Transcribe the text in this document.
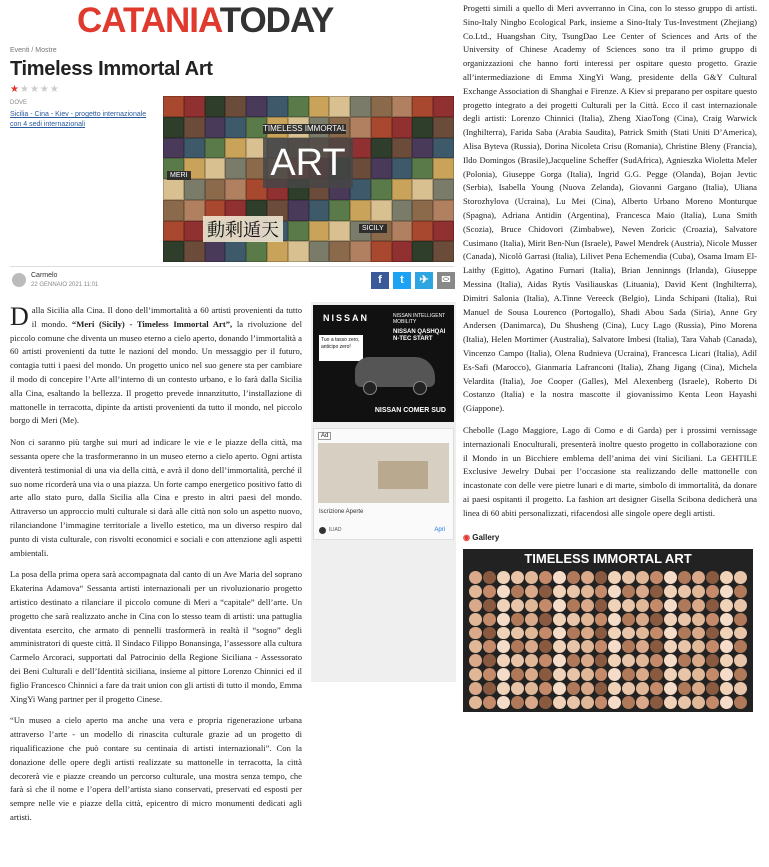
CATANIATODAY
Eventi / Mostre
Timeless Immortal Art
★★★★★
DOVE
Sicilia - Cina - Kiev - progetto internazionale con 4 sedi internazionali	TIMELESS IMMORTAL
ART
MERI
SICILY
動剩遁天
Carmelo
22 GENNAIO 2021 11:01	f	t	✈	✉

Dalla Sicilia alla Cina. Il dono dell’immortalità a 60 artisti provenienti da tutto il mondo. “Meri (Sicily) - Timeless Immortal Art”, la rivoluzione del piccolo comune che diventa un museo eterno a cielo aperto, donando l’immortalità a 60 artisti provenienti da tutte le nazioni del mondo. Un messaggio per il futuro, contagia tutti i paesi del mondo. Un progetto unico nel suo genere sta per cambiare il modo di concepire l’Arte all’interno di un contesto urbano, e lo farà dalla Sicilia alla Cina, esaltando la bellezza. Il progetto prevede innanzitutto, l’installazione di mattonelle in terracotta, dipinte da artisti provenienti da tutto il mondo, nel piccolo borgo di Meri (Me).

Non ci saranno più targhe sui muri ad indicare le vie e le piazze della città, ma sessanta opere che la trasformeranno in un museo eterno a cielo aperto. Ogni artista diventerà testimonial di una via della città, e avrà il dono dell’immortalità, perché il suo nome ricorderà una via o una piazza. Un forte campo energetico positivo fatto di arte allo stato puro, dalla Sicilia alla Cina e presto in altri paesi del mondo. Attraverso un approccio multi culturale si darà alle città non solo un aspetto nuovo, rilanciandone l’immagine territoriale a livello estetico, ma un diverso respiro dal punto di vista culturale, con risvolti economici e sociali e con attenzione agli aspetti ambientali.

La posa della prima opera sarà accompagnata dal canto di un Ave Maria del soprano Ekaterina Adamova“ Sessanta artisti internazionali per un rivoluzionario progetto artistico destinato a rilanciare il piccolo comune di Meri a “capitale” dell’arte. Un progetto che sarà realizzato anche in Cina con lo stesso team di artisti: una pattuglia diventata esercito, che armato di pennelli trasformerà in realtà il “sogno” degli amministratori di queste città. Il Sindaco Filippo Bonansinga, l’assessore alla cultura Carmelo Arcoraci, supportati dal Patrocinio della Regione Siciliana - Assessorato dei Beni Culturali e dell’Identità siciliana, insieme al pittore Lorenzo Chinnici ed il figlio Francesco Chinnici a fare da trait union con gli artisti di tutto il mondo, Emma XingYi Wang partner per il progetto Cinese.

“Un museo a cielo aperto ma anche una vera e propria rigenerazione urbana attraverso l’arte - un modello di rinascita culturale grazie ad un progetto di riqualificazione che può contare su centinaia di artisti internazionali”. Con la donazione delle opere degli artisti realizzate su mattonelle in terracotta, la città decorerà vie e piazze creando un percorso culturale, una mostra senza tempo, che farà sì che il nome e l’opera dell’artista siano conservati, preservati ed esposti per sempre nelle vie e piazze della città, epicentro di micro monumenti dedicati agli artisti.

NISSAN	NISSAN INTELLIGENT MOBILITY
NISSAN QASHQAI N-TEC START
Tuo a tasso zero, anticipo zero!
NISSAN COMER SUD
Ad
Iscrizione Aperte
ILIAD	Apri

Progetti simili a quello di Meri avverranno in Cina, con lo stesso gruppo di artisti. Sino-Italy Ningbo Ecological Park, insieme a Sino-Italy Tus-Investment (Zhejiang) Co.Ltd., Huangshan City, TsungDao Lee Center of Sciences and Arts of the University of Chinese Academy of Sciences sono tra il primo gruppo di organizzazioni che hanno forti interessi per ospitare questo progetto. Grazie all’intermediazione di Emma XingYi Wang, presidente della G&Y Cultural Exchange Association di Shanghai e Firenze. A Kiev si preparano per ospitare questo progetto integrato a dei progetti Culturali per la Città. Ecco il cast internazionale degli artisti: Lorenzo Chinnici (Italia), Zheng XiaoTong (Cina), Craig Warwick (Inghilterra), Farida Saba (Arabia Saudita), Patrick Smith (Stati Uniti D’America), Alisa Byteva (Russia), Dorina Nicoleta Crisu (Romania), Christine Bleny (Francia), Ildo Domingos (Brasile),Jacqueline Scheffer (SudAfrica), Agnieszka Wioletta Meler (Polonia), Giuseppe Gorga (Italia), Ingrid G.G. Pegge (Olanda), Bojan Jevtic (Serbia), Isabella Young (Nuova Zelanda), Giovanni Gargano (Italia), Uliana Storozhylova (Ucraina), Lu Mei (Cina), Alberto Urbano Moreno Monturque (Spagna), Adriana Antidin (Argentina), Francesca Maio (Italia), Luna Smith (Scozia), Bruce Chidovori (Zimbabwe), Neven Zoricic (Croazia), Salvatore Cusimano (Italia), Mirit Ben-Nun (Israele), Pawel Mendrek (Austria), Nicole Musser (Canada), Nicolò Garrasi (Italia), Lilivet Pena Echemendia (Cuba), Osama Imam El-Laithy (Egitto), Agatino Furnari (Italia), Brian Jenninngs (Irlanda), Giuseppe Messina (Italia), Aidas Rytis Vasiliauskas (Lituania), David Kent (Inghilterra), Dimitri Salonia (Italia), A.Tinne Vereeck (Belgio), Linda Schipani (Italia), Rui Manuel de Sousa Lourenco (Portogallo), Shadi Abou Sada (Siria), Anne Gry Andersen (Danimarca), Du Shusheng (Cina), Lucy Lago (Russia), Pino Morena (Italia), Helen Mortimer (Australia), Salvatore Imbesi (Italia), Tara Vahab (Canada), Vincenzo Campo (Italia), Olena Rudnieva (Ucraina), Francesca Licari (Italia), Adil Es-Safi (Marocco), Gianmaria Lafranconi (Italia), Zhang Jigang (Cina), Michela Velardita (Italia), Joe Cooper (Galles), Mel Alexenberg (Israele), Roberto Di Costanzo (Italia) e la nostra mascotte il giovanissimo Kenta Leon Hayashi (Giappone).

Chebolle (Lago Maggiore, Lago di Como e di Garda) per i prossimi vernissage internazionali Enoculturali, presenterà inoltre questo progetto in collaborazione con il Mondo in un Bicchiere emblema dell’anima dei vini Siciliani. La GEHTILE Exclusive Jewelry Dubai per l’occasione sta realizzando delle mattonelle con incastonate con delle vere pietre lunari e di marte, simbolo di immortalità, da donare ai paesi ospitanti il progetto. La fashion art designer Gisella Scibona dedicherà una linea di 60 abiti personalizzati, rifacendosi alle singole opere degli artisti.

◉ Gallery
TIMELESS IMMORTAL ART
